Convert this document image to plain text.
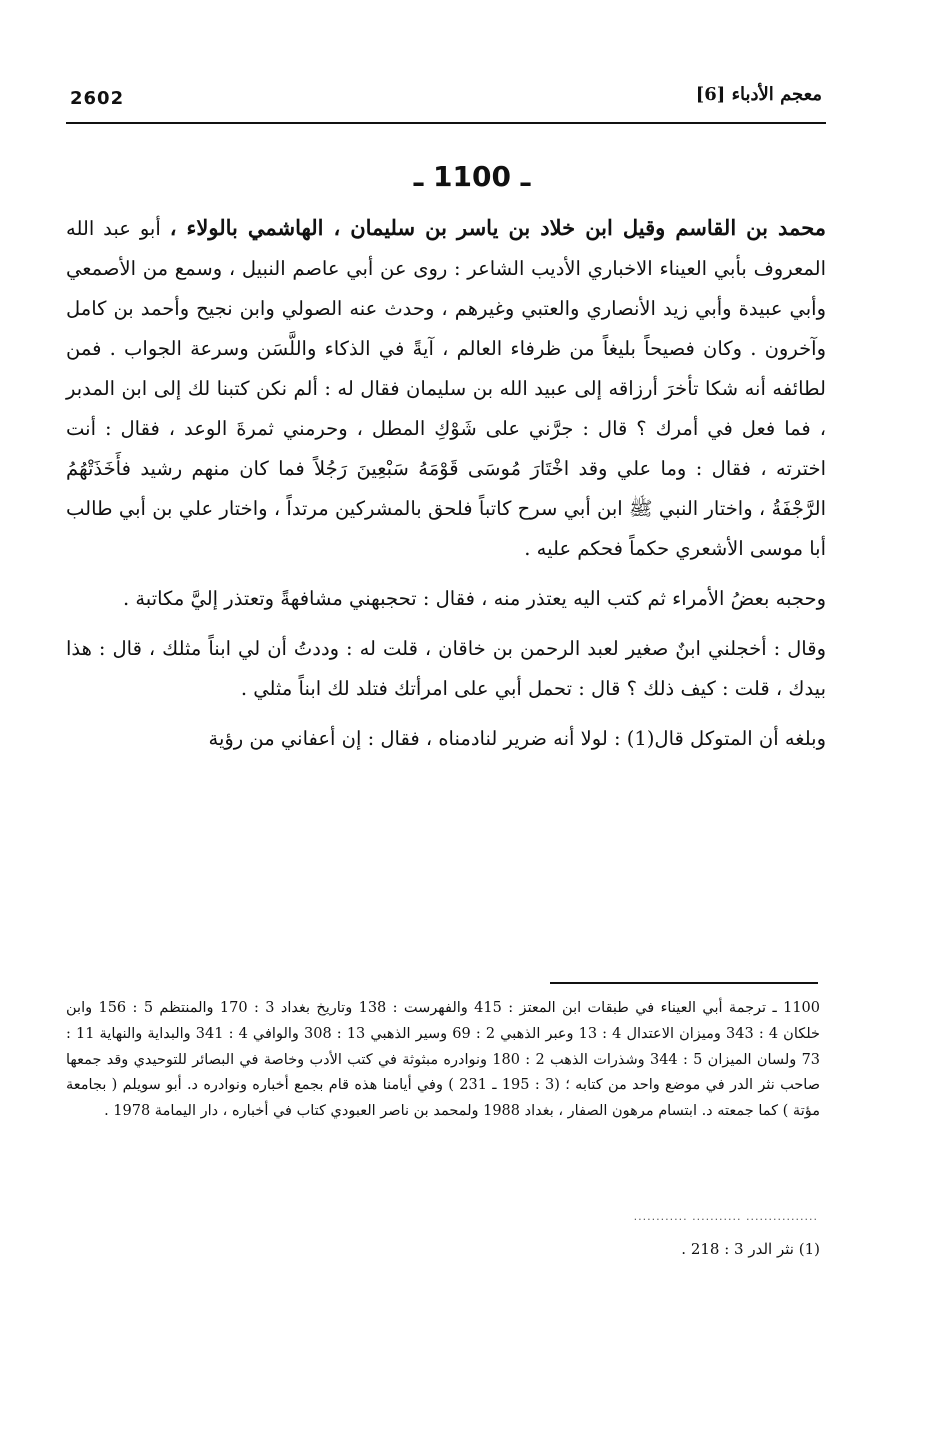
2602	معجم الأدباء [6]
ـ 1100 ـ

محمد بن القاسم وقيل ابن خلاد بن ياسر بن سليمان ، الهاشمي بالولاء ، أبو عبد الله المعروف بأبي العيناء الاخباري الأديب الشاعر : روى عن أبي عاصم النبيل ، وسمع من الأصمعي وأبي عبيدة وأبي زيد الأنصاري والعتبي وغيرهم ، وحدث عنه الصولي وابن نجيح وأحمد بن كامل وآخرون . وكان فصيحاً بليغاً من ظرفاء العالم ، آيةً في الذكاء واللَّسَن وسرعة الجواب . فمن لطائفه أنه شكا تأخرَ أرزاقه إلى عبيد الله بن سليمان فقال له : ألم نكن كتبنا لك إلى ابن المدبر ، فما فعل في أمرك ؟ قال : جرَّني على شَوْكِ المطل ، وحرمني ثمرةَ الوعد ، فقال : أنت اخترته ، فقال : وما علي وقد اخْتَارَ مُوسَى قَوْمَهُ سَبْعِينَ رَجُلاً فما كان منهم رشيد فأَخَذَتْهُمُ الرَّجْفَةُ ، واختار النبي ﷺ ابن أبي سرح كاتباً فلحق بالمشركين مرتداً ، واختار علي بن أبي طالب أبا موسى الأشعري حكماً فحكم عليه .

وحجبه بعضُ الأمراء ثم كتب اليه يعتذر منه ، فقال : تحجبهني مشافهةً وتعتذر إليَّ مكاتبة .

وقال : أخجلني ابنٌ صغير لعبد الرحمن بن خاقان ، قلت له : وددتُ أن لي ابناً مثلك ، قال : هذا بيدك ، قلت : كيف ذلك ؟ قال : تحمل أبي على امرأتك فتلد لك ابناً مثلي .

وبلغه أن المتوكل قال(1) : لولا أنه ضرير لنادمناه ، فقال : إن أعفاني من رؤية

1100 ـ ترجمة أبي العيناء في طبقات ابن المعتز : 415 والفهرست : 138 وتاريخ بغداد 3 : 170 والمنتظم 5 : 156 وابن خلكان 4 : 343 وميزان الاعتدال 4 : 13 وعبر الذهبي 2 : 69 وسير الذهبي 13 : 308 والوافي 4 : 341 والبداية والنهاية 11 : 73 ولسان الميزان 5 : 344 وشذرات الذهب 2 : 180 ونوادره مبثوثة في كتب الأدب وخاصة في البصائر للتوحيدي وقد جمعها صاحب نثر الدر في موضع واحد من كتابه ؛ (3 : 195 ـ 231 ) وفي أيامنا هذه قام بجمع أخباره ونوادره د. أبو سويلم ( بجامعة مؤتة ) كما جمعته د. ابتسام مرهون الصفار ، بغداد 1988 ولمحمد بن ناصر العبودي كتاب في أخباره ، دار اليمامة 1978 .
................ ........... ............
(1) نثر الدر 3 : 218 .
